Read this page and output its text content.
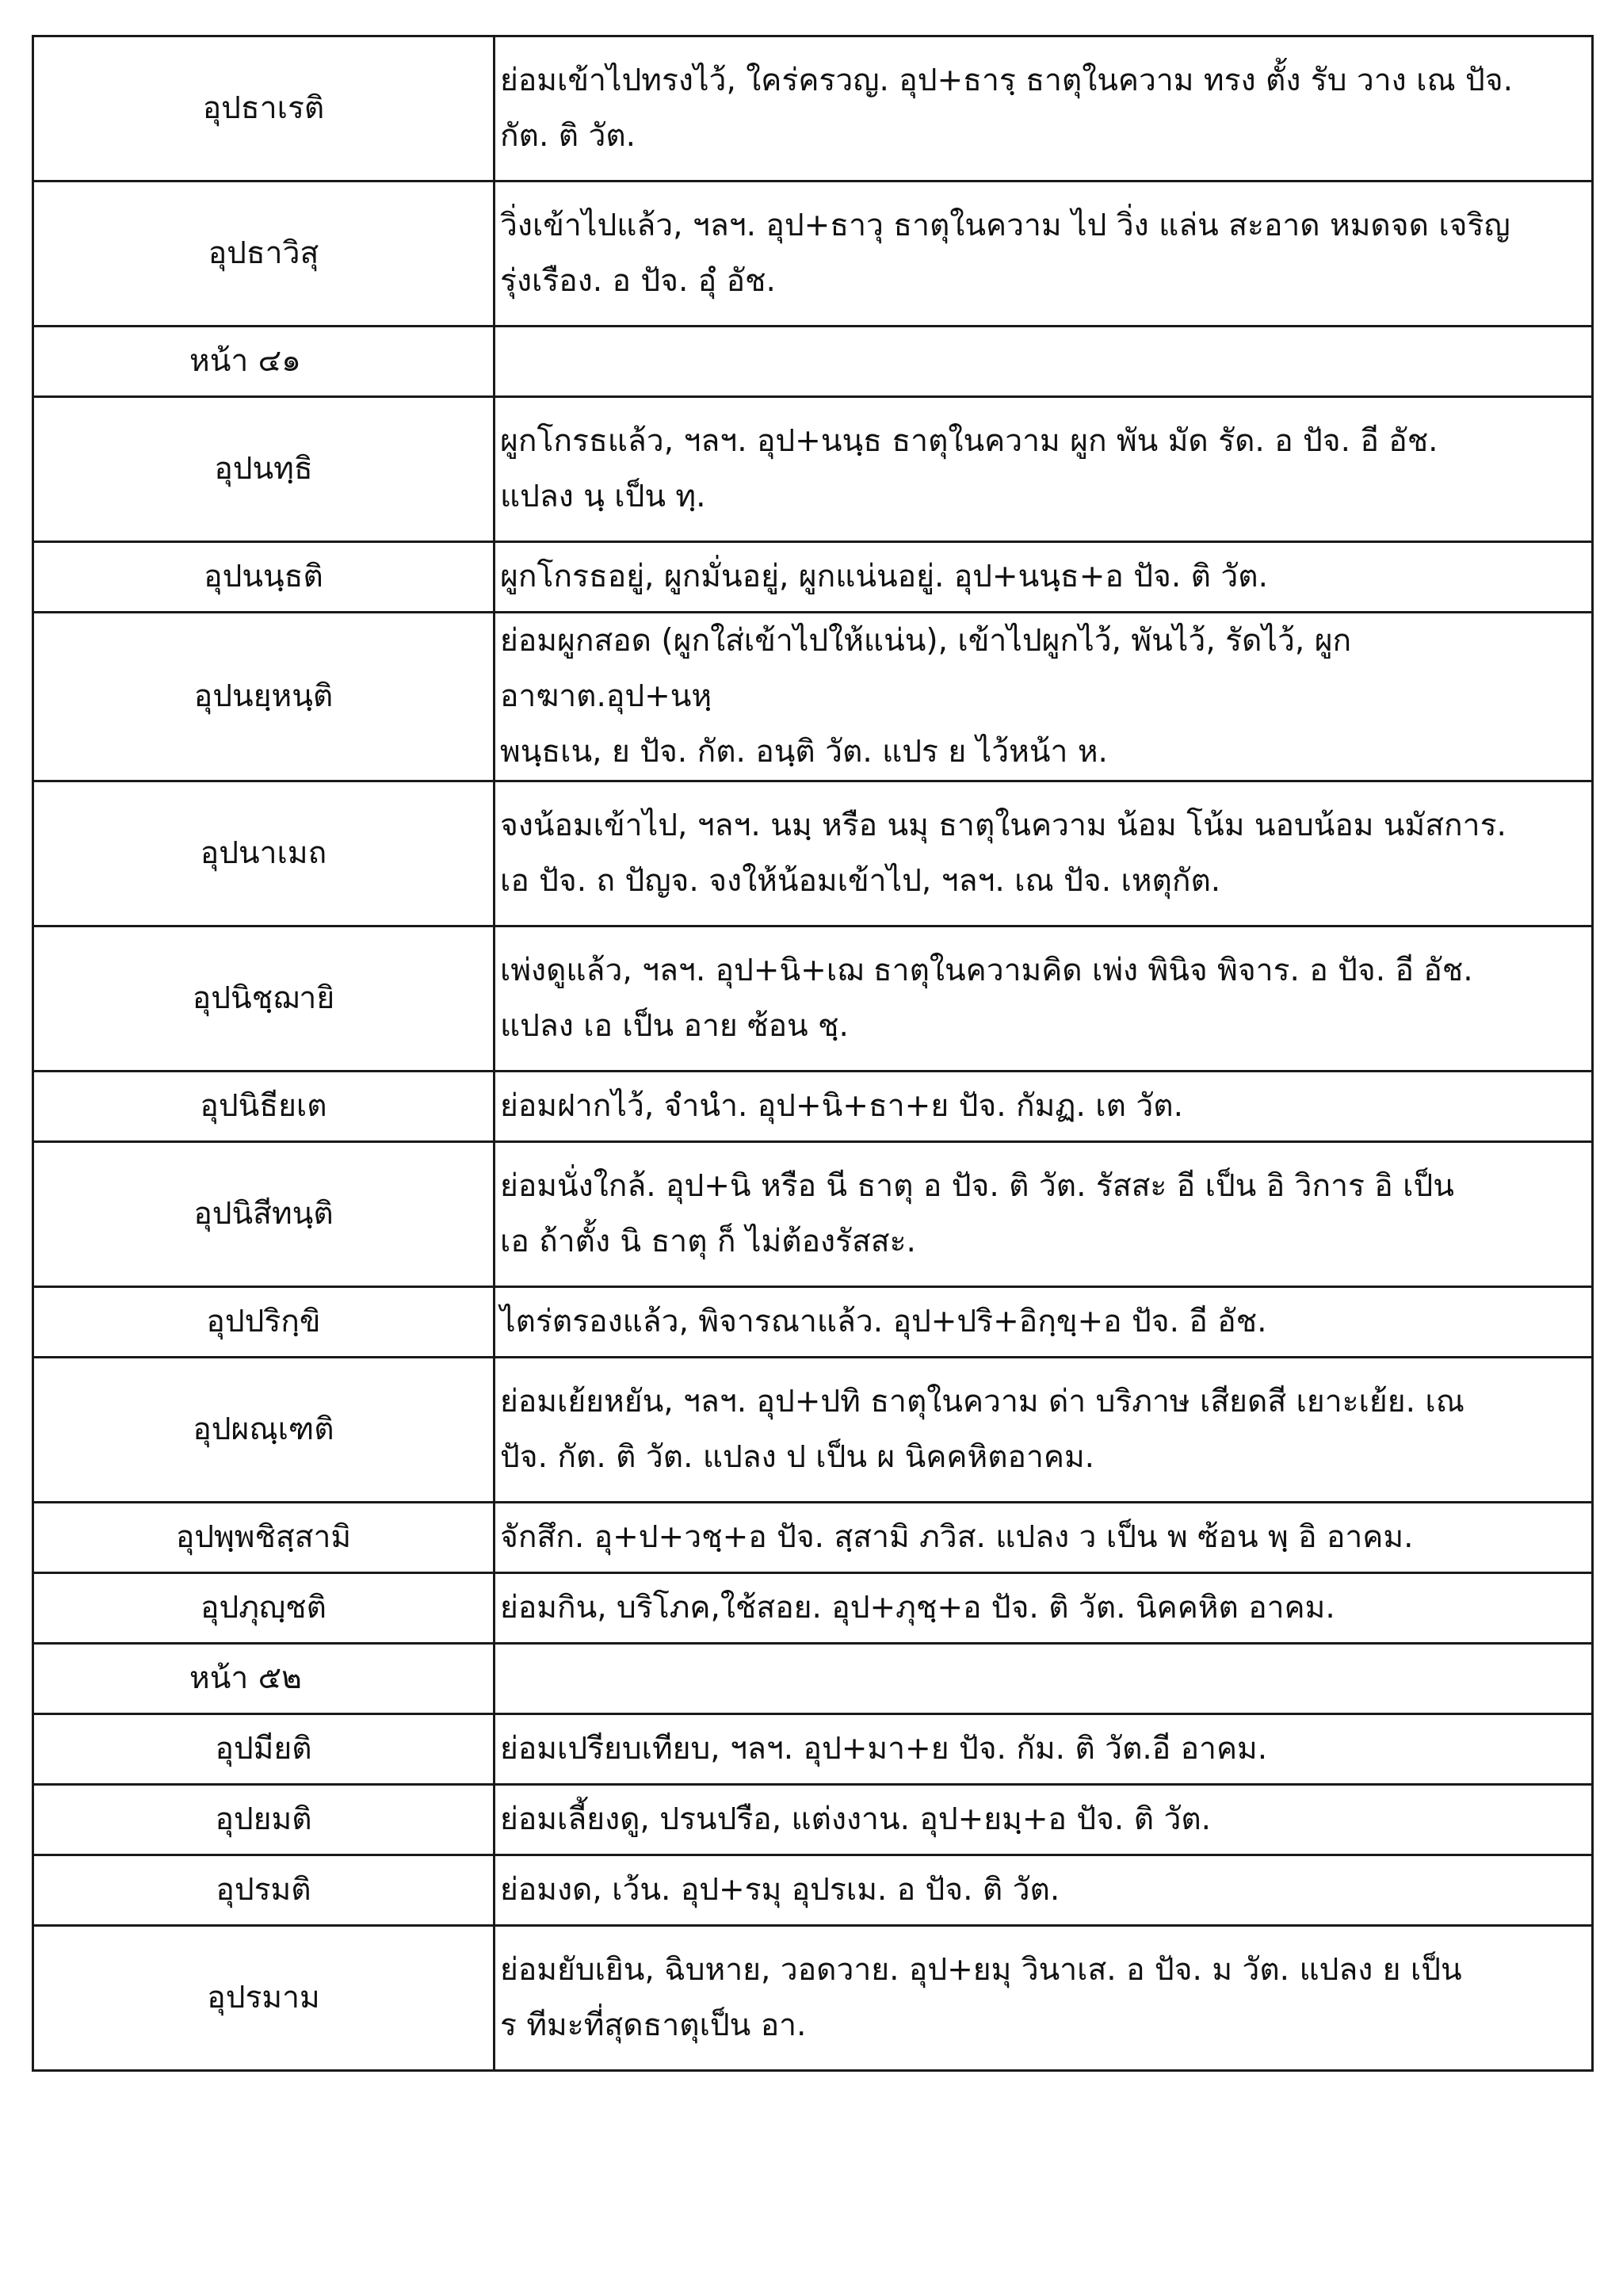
อุปธาเรติ	ย่อมเข้าไปทรงไว้, ใคร่ครวญ. อุป+ธารฺ ธาตุในความ ทรง ตั้ง รับ วาง เณ ปัจ.
กัต. ติ วัต.

อุปธาวิสุ	วิ่งเข้าไปแล้ว, ฯลฯ. อุป+ธาวุ ธาตุในความ ไป วิ่ง แล่น สะอาด หมดจด เจริญ
รุ่งเรือง. อ ปัจ. อุํ อัช.

หน้า ๔๑	
อุปนทฺธิ	ผูกโกรธแล้ว, ฯลฯ. อุป+นนฺธ ธาตุในความ ผูก พัน มัด รัด. อ ปัจ. อี อัช.
แปลง นฺ เป็น ทฺ.

อุปนนฺธติ	ผูกโกรธอยู่, ผูกมั่นอยู่, ผูกแน่นอยู่. อุป+นนฺธ+อ ปัจ. ติ วัต.

อุปนยฺหนฺติ	ย่อมผูกสอด (ผูกใส่เข้าไปให้แน่น), เข้าไปผูกไว้, พันไว้, รัดไว้, ผูกอาฆาต.อุป+นหฺ
พนฺธเน, ย ปัจ. กัต. อนฺติ วัต. แปร ย ไว้หน้า ห.

อุปนาเมถ	จงน้อมเข้าไป, ฯลฯ. นมฺ หรือ นมุ ธาตุในความ น้อม โน้ม นอบน้อม นมัสการ.
เอ ปัจ. ถ ปัญจ. จงให้น้อมเข้าไป, ฯลฯ. เณ ปัจ. เหตุกัต.

อุปนิชฺฌายิ	เพ่งดูแล้ว, ฯลฯ. อุป+นิ+เฌ ธาตุในความคิด เพ่ง พินิจ พิจาร. อ ปัจ. อี อัช.
แปลง เอ เป็น อาย ซ้อน ชฺ.

อุปนิธียเต	ย่อมฝากไว้, จำนำ. อุป+นิ+ธา+ย ปัจ. กัมฏ. เต วัต.

อุปนิสีทนฺติ	ย่อมนั่งใกล้. อุป+นิ หรือ นี ธาตุ อ ปัจ. ติ วัต. รัสสะ อี เป็น อิ วิการ อิ เป็น
เอ ถ้าตั้ง นิ ธาตุ ก็ ไม่ต้องรัสสะ.

อุปปริกฺขิ	ไตร่ตรองแล้ว, พิจารณาแล้ว. อุป+ปริ+อิกฺขฺ+อ ปัจ. อี อัช.

อุปผณฺเฑติ	ย่อมเย้ยหยัน, ฯลฯ. อุป+ปทิ ธาตุในความ ด่า บริภาษ เสียดสี เยาะเย้ย. เณ
ปัจ. กัต. ติ วัต. แปลง ป เป็น ผ นิคคหิตอาคม.

อุปพฺพชิสฺสามิ	จักสึก. อุ+ป+วชฺ+อ ปัจ. สฺสามิ ภวิส. แปลง ว เป็น พ ซ้อน พฺ อิ อาคม.

อุปภุญฺชติ	ย่อมกิน, บริโภค,ใช้สอย. อุป+ภุชฺ+อ ปัจ. ติ วัต. นิคคหิต อาคม.

หน้า ๕๒	
อุปมียติ	ย่อมเปรียบเทียบ, ฯลฯ. อุป+มา+ย ปัจ. กัม. ติ วัต.อี อาคม.

อุปยมติ	ย่อมเลี้ยงดู, ปรนปรือ, แต่งงาน. อุป+ยมฺ+อ ปัจ. ติ วัต.

อุปรมติ	ย่อมงด, เว้น. อุป+รมุ อุปรเม. อ ปัจ. ติ วัต.

อุปรมาม	ย่อมยับเยิน, ฉิบหาย, วอดวาย. อุป+ยมุ วินาเส. อ ปัจ. ม วัต. แปลง ย เป็น
ร ทีมะที่สุดธาตุเป็น อา.
